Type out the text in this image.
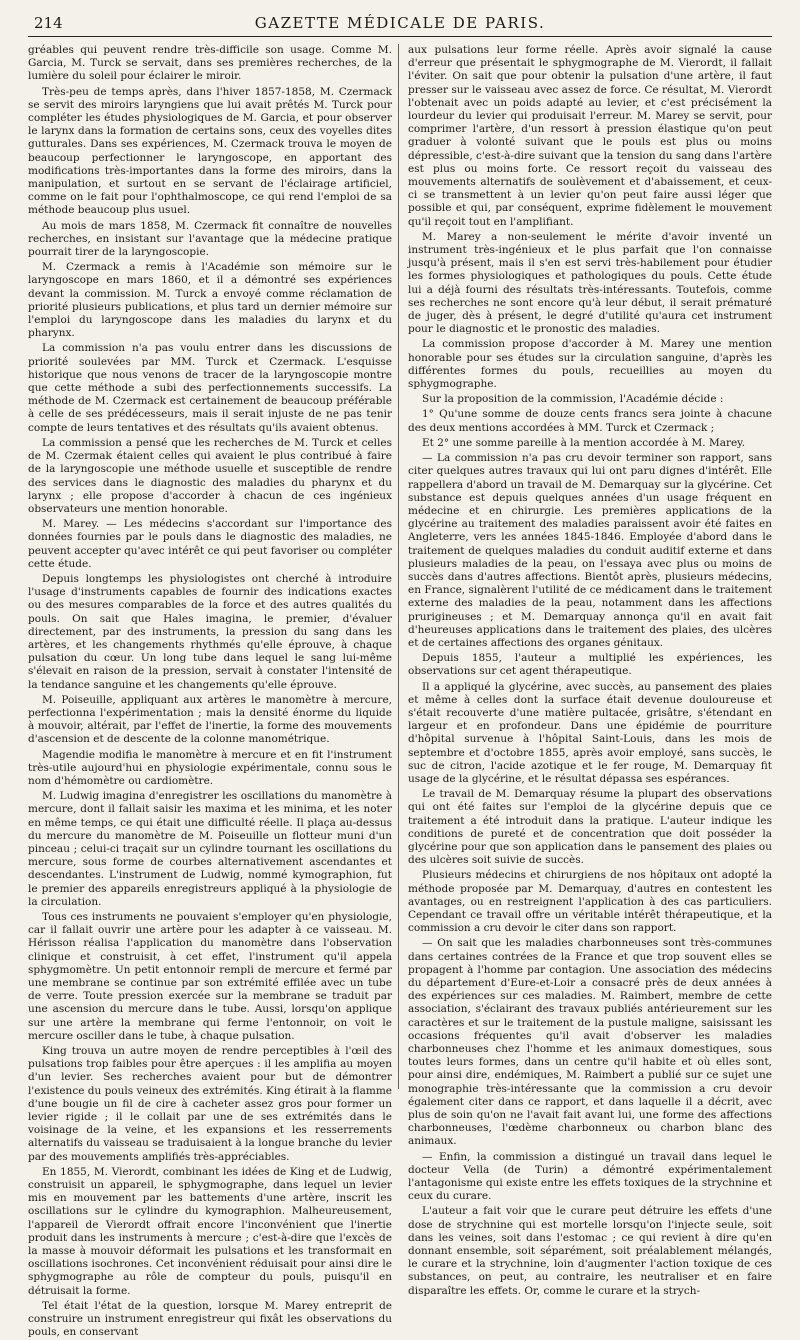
214	GAZETTE MÉDICALE DE PARIS.

gréables qui peuvent rendre très-difficile son usage. Comme M. Garcia, M. Turck se servait, dans ses premières recherches, de la lumière du soleil pour éclairer le miroir.

Très-peu de temps après, dans l'hiver 1857-1858, M. Czermack se servit des miroirs laryngiens que lui avait prêtés M. Turck pour compléter les études physiologiques de M. Garcia, et pour observer le larynx dans la formation de certains sons, ceux des voyelles dites gutturales. Dans ses expériences, M. Czermack trouva le moyen de beaucoup perfectionner le laryngoscope, en apportant des modifications très-importantes dans la forme des miroirs, dans la manipulation, et surtout en se servant de l'éclairage artificiel, comme on le fait pour l'ophthalmoscope, ce qui rend l'emploi de sa méthode beaucoup plus usuel.

Au mois de mars 1858, M. Czermack fit connaître de nouvelles recherches, en insistant sur l'avantage que la médecine pratique pourrait tirer de la laryngoscopie.

M. Czermack a remis à l'Académie son mémoire sur le laryngoscope en mars 1860, et il a démontré ses expériences devant la commission. M. Turck a envoyé comme réclamation de priorité plusieurs publications, et plus tard un dernier mémoire sur l'emploi du laryngoscope dans les maladies du larynx et du pharynx.

La commission n'a pas voulu entrer dans les discussions de priorité soulevées par MM. Turck et Czermack. L'esquisse historique que nous venons de tracer de la laryngoscopie montre que cette méthode a subi des perfectionnements successifs. La méthode de M. Czermack est certainement de beaucoup préférable à celle de ses prédécesseurs, mais il serait injuste de ne pas tenir compte de leurs tentatives et des résultats qu'ils avaient obtenus.

La commission a pensé que les recherches de M. Turck et celles de M. Czermak étaient celles qui avaient le plus contribué à faire de la laryngoscopie une méthode usuelle et susceptible de rendre des services dans le diagnostic des maladies du pharynx et du larynx ; elle propose d'accorder à chacun de ces ingénieux observateurs une mention honorable.

M. Marey. — Les médecins s'accordant sur l'importance des données fournies par le pouls dans le diagnostic des maladies, ne peuvent accepter qu'avec intérêt ce qui peut favoriser ou compléter cette étude.

Depuis longtemps les physiologistes ont cherché à introduire l'usage d'instruments capables de fournir des indications exactes ou des mesures comparables de la force et des autres qualités du pouls. On sait que Hales imagina, le premier, d'évaluer directement, par des instruments, la pression du sang dans les artères, et les changements rhythmés qu'elle éprouve, à chaque pulsation du cœur. Un long tube dans lequel le sang lui-même s'élevait en raison de la pression, servait à constater l'intensité de la tendance sanguine et les changements qu'elle éprouve.

M. Poiseuille, appliquant aux artères le manomètre à mercure, perfectionna l'expérimentation ; mais la densité énorme du liquide à mouvoir, altérait, par l'effet de l'inertie, la forme des mouvements d'ascension et de descente de la colonne manométrique.

Magendie modifia le manomètre à mercure et en fit l'instrument très-utile aujourd'hui en physiologie expérimentale, connu sous le nom d'hémomètre ou cardiomètre.

M. Ludwig imagina d'enregistrer les oscillations du manomètre à mercure, dont il fallait saisir les maxima et les minima, et les noter en même temps, ce qui était une difficulté réelle. Il plaça au-dessus du mercure du manomètre de M. Poiseuille un flotteur muni d'un pinceau ; celui-ci traçait sur un cylindre tournant les oscillations du mercure, sous forme de courbes alternativement ascendantes et descendantes. L'instrument de Ludwig, nommé kymographion, fut le premier des appareils enregistreurs appliqué à la physiologie de la circulation.

Tous ces instruments ne pouvaient s'employer qu'en physiologie, car il fallait ouvrir une artère pour les adapter à ce vaisseau. M. Hérisson réalisa l'application du manomètre dans l'observation clinique et construisit, à cet effet, l'instrument qu'il appela sphygmomètre. Un petit entonnoir rempli de mercure et fermé par une membrane se continue par son extrémité effilée avec un tube de verre. Toute pression exercée sur la membrane se traduit par une ascension du mercure dans le tube. Aussi, lorsqu'on applique sur une artère la membrane qui ferme l'entonnoir, on voit le mercure osciller dans le tube, à chaque pulsation.

King trouva un autre moyen de rendre perceptibles à l'œil des pulsations trop faibles pour être aperçues : il les amplifia au moyen d'un levier. Ses recherches avaient pour but de démontrer l'existence du pouls veineux des extrémités. King étirait à la flamme d'une bougie un fil de cire à cacheter assez gros pour former un levier rigide ; il le collait par une de ses extrémités dans le voisinage de la veine, et les expansions et les resserrements alternatifs du vaisseau se traduisaient à la longue branche du levier par des mouvements amplifiés très-appréciables.

En 1855, M. Vierordt, combinant les idées de King et de Ludwig, construisit un appareil, le sphygmographe, dans lequel un levier mis en mouvement par les battements d'une artère, inscrit les oscillations sur le cylindre du kymographion. Malheureusement, l'appareil de Vierordt offrait encore l'inconvénient que l'inertie produit dans les instruments à mercure ; c'est-à-dire que l'excès de la masse à mouvoir déformait les pulsations et les transformait en oscillations isochrones. Cet inconvénient réduisait pour ainsi dire le sphygmographe au rôle de compteur du pouls, puisqu'il en détruisait la forme.

Tel était l'état de la question, lorsque M. Marey entreprit de construire un instrument enregistreur qui fixât les observations du pouls, en conservant

aux pulsations leur forme réelle. Après avoir signalé la cause d'erreur que présentait le sphygmographe de M. Vierordt, il fallait l'éviter. On sait que pour obtenir la pulsation d'une artère, il faut presser sur le vaisseau avec assez de force. Ce résultat, M. Vierordt l'obtenait avec un poids adapté au levier, et c'est précisément la lourdeur du levier qui produisait l'erreur. M. Marey se servit, pour comprimer l'artère, d'un ressort à pression élastique qu'on peut graduer à volonté suivant que le pouls est plus ou moins dépressible, c'est-à-dire suivant que la tension du sang dans l'artère est plus ou moins forte. Ce ressort reçoit du vaisseau des mouvements alternatifs de soulèvement et d'abaissement, et ceux-ci se transmettent à un levier qu'on peut faire aussi léger que possible et qui, par conséquent, exprime fidèlement le mouvement qu'il reçoit tout en l'amplifiant.

M. Marey a non-seulement le mérite d'avoir inventé un instrument très-ingénieux et le plus parfait que l'on connaisse jusqu'à présent, mais il s'en est servi très-habilement pour étudier les formes physiologiques et pathologiques du pouls. Cette étude lui a déjà fourni des résultats très-intéressants. Toutefois, comme ses recherches ne sont encore qu'à leur début, il serait prématuré de juger, dès à présent, le degré d'utilité qu'aura cet instrument pour le diagnostic et le pronostic des maladies.

La commission propose d'accorder à M. Marey une mention honorable pour ses études sur la circulation sanguine, d'après les différentes formes du pouls, recueillies au moyen du sphygmographe.

Sur la proposition de la commission, l'Académie décide :

1° Qu'une somme de douze cents francs sera jointe à chacune des deux mentions accordées à MM. Turck et Czermack ;

Et 2° une somme pareille à la mention accordée à M. Marey.

— La commission n'a pas cru devoir terminer son rapport, sans citer quelques autres travaux qui lui ont paru dignes d'intérêt. Elle rappellera d'abord un travail de M. Demarquay sur la glycérine. Cet substance est depuis quelques années d'un usage fréquent en médecine et en chirurgie. Les premières applications de la glycérine au traitement des maladies paraissent avoir été faites en Angleterre, vers les années 1845-1846. Employée d'abord dans le traitement de quelques maladies du conduit auditif externe et dans plusieurs maladies de la peau, on l'essaya avec plus ou moins de succès dans d'autres affections. Bientôt après, plusieurs médecins, en France, signalèrent l'utilité de ce médicament dans le traitement externe des maladies de la peau, notamment dans les affections prurigineuses ; et M. Demarquay annonça qu'il en avait fait d'heureuses applications dans le traitement des plaies, des ulcères et de certaines affections des organes génitaux.

Depuis 1855, l'auteur a multiplié les expériences, les observations sur cet agent thérapeutique.

Il a appliqué la glycérine, avec succès, au pansement des plaies et même à celles dont la surface était devenue douloureuse et s'était recouverte d'une matière pultacée, grisâtre, s'étendant en largeur et en profondeur. Dans une épidémie de pourriture d'hôpital survenue à l'hôpital Saint-Louis, dans les mois de septembre et d'octobre 1855, après avoir employé, sans succès, le suc de citron, l'acide azotique et le fer rouge, M. Demarquay fit usage de la glycérine, et le résultat dépassa ses espérances.

Le travail de M. Demarquay résume la plupart des observations qui ont été faites sur l'emploi de la glycérine depuis que ce traitement a été introduit dans la pratique. L'auteur indique les conditions de pureté et de concentration que doit posséder la glycérine pour que son application dans le pansement des plaies ou des ulcères soit suivie de succès.

Plusieurs médecins et chirurgiens de nos hôpitaux ont adopté la méthode proposée par M. Demarquay, d'autres en contestent les avantages, ou en restreignent l'application à des cas particuliers. Cependant ce travail offre un véritable intérêt thérapeutique, et la commission a cru devoir le citer dans son rapport.

— On sait que les maladies charbonneuses sont très-communes dans certaines contrées de la France et que trop souvent elles se propagent à l'homme par contagion. Une association des médecins du département d'Eure-et-Loir a consacré près de deux années à des expériences sur ces maladies. M. Raimbert, membre de cette association, s'éclairant des travaux publiés antérieurement sur les caractères et sur le traitement de la pustule maligne, saisissant les occasions fréquentes qu'il avait d'observer les maladies charbonneuses chez l'homme et les animaux domestiques, sous toutes leurs formes, dans un centre qu'il habite et où elles sont, pour ainsi dire, endémiques, M. Raimbert a publié sur ce sujet une monographie très-intéressante que la commission a cru devoir également citer dans ce rapport, et dans laquelle il a décrit, avec plus de soin qu'on ne l'avait fait avant lui, une forme des affections charbonneuses, l'œdème charbonneux ou charbon blanc des animaux.

— Enfin, la commission a distingué un travail dans lequel le docteur Vella (de Turin) a démontré expérimentalement l'antagonisme qui existe entre les effets toxiques de la strychnine et ceux du curare.

L'auteur a fait voir que le curare peut détruire les effets d'une dose de strychnine qui est mortelle lorsqu'on l'injecte seule, soit dans les veines, soit dans l'estomac ; ce qui revient à dire qu'en donnant ensemble, soit séparément, soit préalablement mélangés, le curare et la strychnine, loin d'augmenter l'action toxique de ces substances, on peut, au contraire, les neutraliser et en faire disparaître les effets. Or, comme le curare et la strych-
